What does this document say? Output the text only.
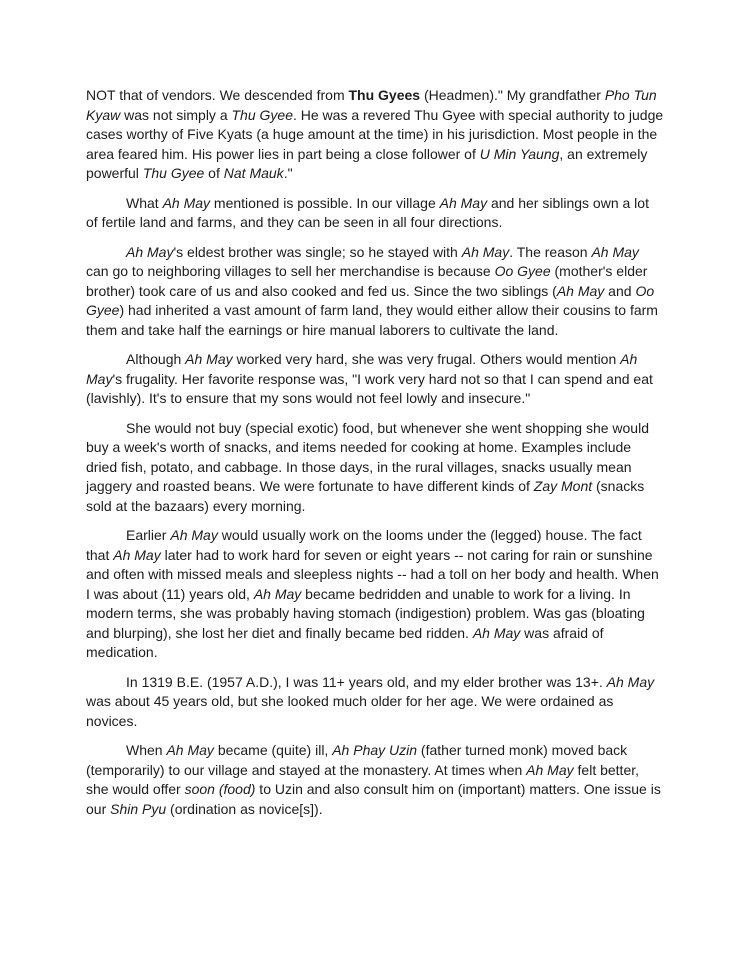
NOT that of vendors. We descended from Thu Gyees (Headmen)." My grandfather Pho Tun Kyaw was not simply a Thu Gyee. He was a revered Thu Gyee with special authority to judge cases worthy of Five Kyats (a huge amount at the time) in his jurisdiction. Most people in the area feared him. His power lies in part being a close follower of U Min Yaung, an extremely powerful Thu Gyee of Nat Mauk."

What Ah May mentioned is possible. In our village Ah May and her siblings own a lot of fertile land and farms, and they can be seen in all four directions.

Ah May's eldest brother was single; so he stayed with Ah May. The reason Ah May can go to neighboring villages to sell her merchandise is because Oo Gyee (mother's elder brother) took care of us and also cooked and fed us. Since the two siblings (Ah May and Oo Gyee) had inherited a vast amount of farm land, they would either allow their cousins to farm them and take half the earnings or hire manual laborers to cultivate the land.

Although Ah May worked very hard, she was very frugal. Others would mention Ah May's frugality. Her favorite response was, "I work very hard not so that I can spend and eat (lavishly). It's to ensure that my sons would not feel lowly and insecure."

She would not buy (special exotic) food, but whenever she went shopping she would buy a week's worth of snacks, and items needed for cooking at home. Examples include dried fish, potato, and cabbage. In those days, in the rural villages, snacks usually mean jaggery and roasted beans. We were fortunate to have different kinds of Zay Mont (snacks sold at the bazaars) every morning.

Earlier Ah May would usually work on the looms under the (legged) house. The fact that Ah May later had to work hard for seven or eight years -- not caring for rain or sunshine and often with missed meals and sleepless nights -- had a toll on her body and health. When I was about (11) years old, Ah May became bedridden and unable to work for a living. In modern terms, she was probably having stomach (indigestion) problem. Was gas (bloating and blurping), she lost her diet and finally became bed ridden. Ah May was afraid of medication.

In 1319 B.E. (1957 A.D.), I was 11+ years old, and my elder brother was 13+. Ah May was about 45 years old, but she looked much older for her age. We were ordained as novices.

When Ah May became (quite) ill, Ah Phay Uzin (father turned monk) moved back (temporarily) to our village and stayed at the monastery. At times when Ah May felt better, she would offer soon (food) to Uzin and also consult him on (important) matters. One issue is our Shin Pyu (ordination as novice[s]).
